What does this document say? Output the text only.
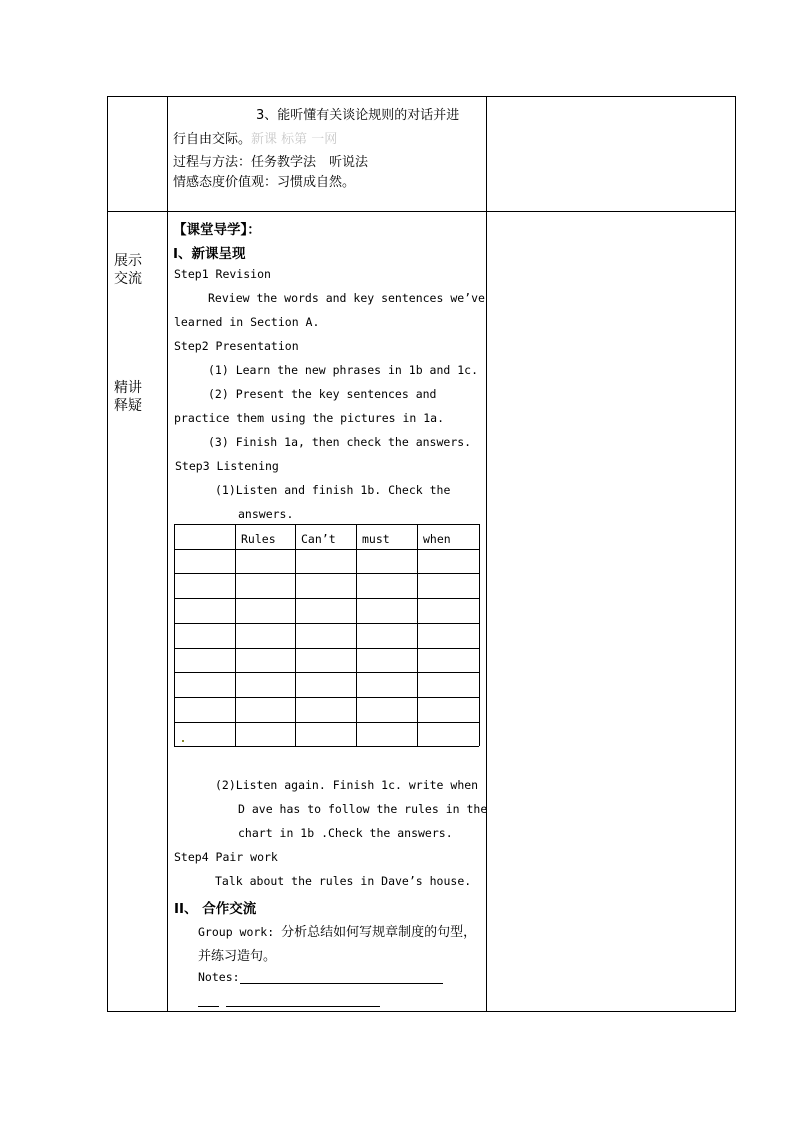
3、能听懂有关谈论规则的对话并进
行自由交际。新课 标第 一网
过程与方法：任务教学法　听说法
情感态度价值观：习惯成自然。
展示
交流
精讲
释疑
【课堂导学】：
I、新课呈现
Step1 Revision
Review the words and key sentences we’ve
learned in Section A.
Step2 Presentation
(1) Learn the new phrases in 1b and 1c.
(2) Present the key sentences and
practice them using the pictures in 1a.
(3) Finish 1a, then check the answers.
Step3 Listening
(1)Listen and finish 1b. Check the
answers.
Rules Can’t must	when
(2)Listen again. Finish 1c. write when
D ave has to follow the rules in the
chart in 1b .Check the answers.
Step4 Pair work
Talk about the rules in Dave’s house.
II、 合作交流
Group work: 分析总结如何写规章制度的句型，
并练习造句。
Notes:
